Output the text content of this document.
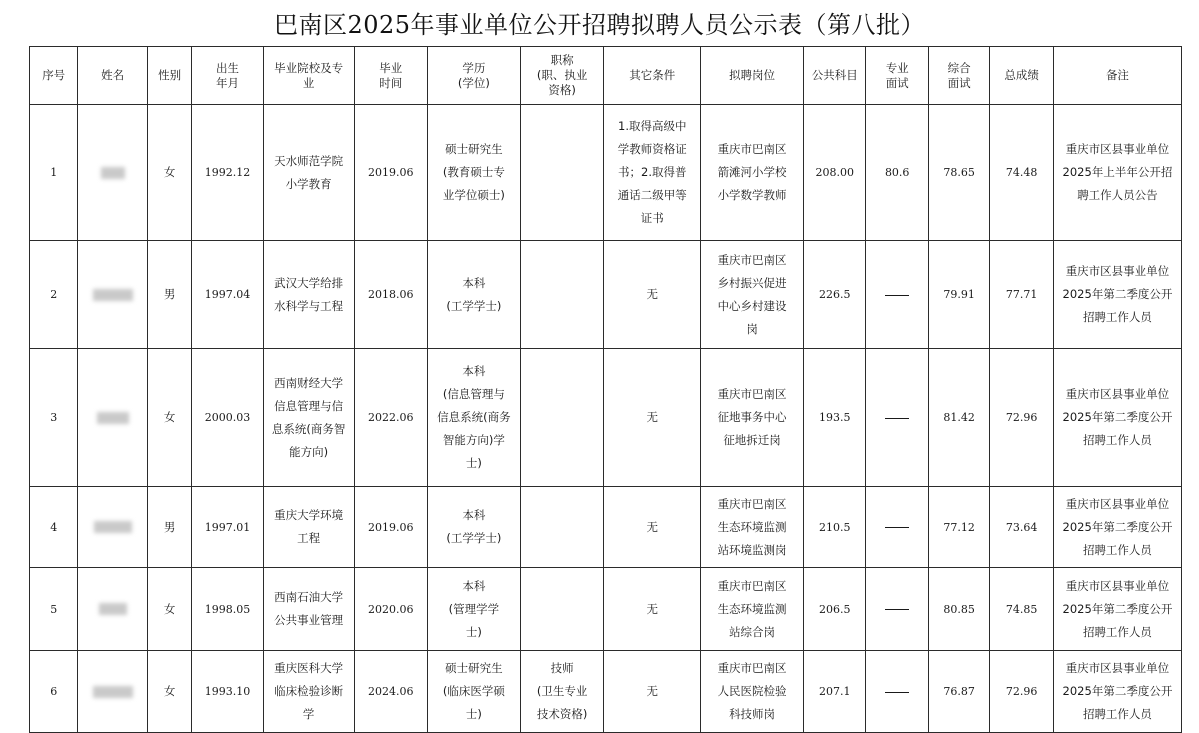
巴南区2025年事业单位公开招聘拟聘人员公示表（第八批）
序号	姓名	性别	出生
年月	毕业院校及专
业	毕业
时间	学历
(学位)	职称
(职、执业
资格)	其它条件	拟聘岗位	公共科目	专业
面试	综合
面试	总成绩	备注

1		女	1992.12	天水师范学院
小学教育	2019.06	硕士研究生
(教育硕士专
业学位硕士)		1.取得高级中
学教师资格证
书；2.取得普
通话二级甲等
证书	重庆市巴南区
箭滩河小学校
小学数学教师	208.00	80.6	78.65	74.48	重庆市区县事业单位
2025年上半年公开招
聘工作人员公告

2		男	1997.04	武汉大学给排
水科学与工程	2018.06	本科
(工学学士)		无	重庆市巴南区
乡村振兴促进
中心乡村建设
岗	226.5		79.91	77.71	重庆市区县事业单位
2025年第二季度公开
招聘工作人员

3		女	2000.03	西南财经大学
信息管理与信
息系统(商务智
能方向)	2022.06	本科
(信息管理与
信息系统(商务
智能方向)学
士)		无	重庆市巴南区
征地事务中心
征地拆迁岗	193.5		81.42	72.96	重庆市区县事业单位
2025年第二季度公开
招聘工作人员

4		男	1997.01	重庆大学环境
工程	2019.06	本科
(工学学士)		无	重庆市巴南区
生态环境监测
站环境监测岗	210.5		77.12	73.64	重庆市区县事业单位
2025年第二季度公开
招聘工作人员

5		女	1998.05	西南石油大学
公共事业管理	2020.06	本科
(管理学学
士)		无	重庆市巴南区
生态环境监测
站综合岗	206.5		80.85	74.85	重庆市区县事业单位
2025年第二季度公开
招聘工作人员

6		女	1993.10	重庆医科大学
临床检验诊断
学	2024.06	硕士研究生
(临床医学硕
士)	技师
(卫生专业
技术资格)	无	重庆市巴南区
人民医院检验
科技师岗	207.1		76.87	72.96	重庆市区县事业单位
2025年第二季度公开
招聘工作人员
